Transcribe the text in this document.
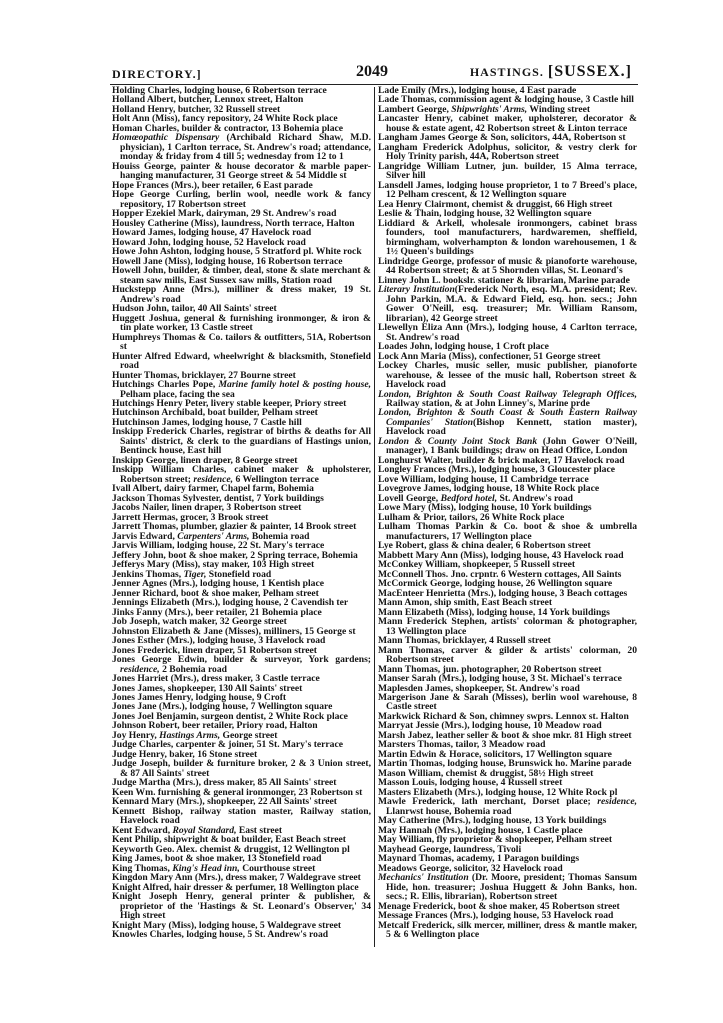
DIRECTORY.]	2049	HASTINGS. [SUSSEX.]
Holding Charles, lodging house, 6 Robertson terrace
Holland Albert, butcher, Lennox street, Halton
Holland Henry, butcher, 32 Russell street
Holt Ann (Miss), fancy repository, 24 White Rock place
Homan Charles, builder & contractor, 13 Bohemia place
Homœopathic Dispensary (Archibald Richard Shaw, M.D. physician), 1 Carlton terrace, St. Andrew's road; attendance, monday & friday from 4 till 5; wednesday from 12 to 1
Houiss George, painter & house decorator & marble paper-hanging manufacturer, 31 George street & 54 Middle st
Hope Frances (Mrs.), beer retailer, 6 East parade
Hope George Curling, berlin wool, needle work & fancy repository, 17 Robertson street
Hopper Ezekiel Mark, dairyman, 29 St. Andrew's road
Housley Catherine (Miss), laundress, North terrace, Halton
Howard James, lodging house, 47 Havelock road
Howard John, lodging house, 52 Havelock road
Howe John Ashton, lodging house, 5 Stratford pl. White rock
Howell Jane (Miss), lodging house, 16 Robertson terrace
Howell John, builder, & timber, deal, stone & slate merchant & steam saw mills, East Sussex saw mills, Station road
Huckstepp Anne (Mrs.), milliner & dress maker, 19 St. Andrew's road
Hudson John, tailor, 40 All Saints' street
Huggett Joshua, general & furnishing ironmonger, & iron & tin plate worker, 13 Castle street
Humphreys Thomas & Co. tailors & outfitters, 51A, Robertson st
Hunter Alfred Edward, wheelwright & blacksmith, Stonefield road
Hunter Thomas, bricklayer, 27 Bourne street
Hutchings Charles Pope, Marine family hotel & posting house, Pelham place, facing the sea
Hutchings Henry Peter, livery stable keeper, Priory street
Hutchinson Archibald, boat builder, Pelham street
Hutchinson James, lodging house, 7 Castle hill
Inskipp Frederick Charles, registrar of births & deaths for All Saints' district, & clerk to the guardians of Hastings union, Bentinck house, East hill
Inskipp George, linen draper, 8 George street
Inskipp William Charles, cabinet maker & upholsterer, Robertson street; residence, 6 Wellington terrace
Ivall Albert, dairy farmer, Chapel farm, Bohemia
Jackson Thomas Sylvester, dentist, 7 York buildings
Jacobs Nailer, linen draper, 3 Robertson street
Jarrett Hermas, grocer, 3 Brook street
Jarrett Thomas, plumber, glazier & painter, 14 Brook street
Jarvis Edward, Carpenters' Arms, Bohemia road
Jarvis William, lodging house, 22 St. Mary's terrace
Jeffery John, boot & shoe maker, 2 Spring terrace, Bohemia
Jefferys Mary (Miss), stay maker, 103 High street
Jenkins Thomas, Tiger, Stonefield road
Jenner Agnes (Mrs.), lodging house, 1 Kentish place
Jenner Richard, boot & shoe maker, Pelham street
Jennings Elizabeth (Mrs.), lodging house, 2 Cavendish ter
Jinks Fanny (Mrs.), beer retailer, 21 Bohemia place
Job Joseph, watch maker, 32 George street
Johnston Elizabeth & Jane (Misses), milliners, 15 George st
Jones Esther (Mrs.), lodging house, 3 Havelock road
Jones Frederick, linen draper, 51 Robertson street
Jones George Edwin, builder & surveyor, York gardens; residence, 2 Bohemia road
Jones Harriet (Mrs.), dress maker, 3 Castle terrace
Jones James, shopkeeper, 130 All Saints' street
Jones James Henry, lodging house, 9 Croft
Jones Jane (Mrs.), lodging house, 7 Wellington square
Jones Joel Benjamin, surgeon dentist, 2 White Rock place
Johnson Robert, beer retailer, Priory road, Halton
Joy Henry, Hastings Arms, George street
Judge Charles, carpenter & joiner, 51 St. Mary's terrace
Judge Henry, baker, 16 Stone street
Judge Joseph, builder & furniture broker, 2 & 3 Union street, & 87 All Saints' street
Judge Martha (Mrs.), dress maker, 85 All Saints' street
Keen Wm. furnishing & general ironmonger, 23 Robertson st
Kennard Mary (Mrs.), shopkeeper, 22 All Saints' street
Kennett Bishop, railway station master, Railway station, Havelock road
Kent Edward, Royal Standard, East street
Kent Philip, shipwright & boat builder, East Beach street
Keyworth Geo. Alex. chemist & druggist, 12 Wellington pl
King James, boot & shoe maker, 13 Stonefield road
King Thomas, King's Head inn, Courthouse street
Kingdon Mary Ann (Mrs.), dress maker, 7 Waldegrave street
Knight Alfred, hair dresser & perfumer, 18 Wellington place
Knight Joseph Henry, general printer & publisher, & proprietor of the 'Hastings & St. Leonard's Observer,' 34 High street
Knight Mary (Miss), lodging house, 5 Waldegrave street
Knowles Charles, lodging house, 5 St. Andrew's road
Lade Emily (Mrs.), lodging house, 4 East parade
Lade Thomas, commission agent & lodging house, 3 Castle hill
Lambert George, Shipwrights' Arms, Winding street
Lancaster Henry, cabinet maker, upholsterer, decorator & house & estate agent, 42 Robertson street & Linton terrace
Langham James George & Son, solicitors, 44A, Robertson st
Langham Frederick Adolphus, solicitor, & vestry clerk for Holy Trinity parish, 44A, Robertson street
Langridge William Lutner, jun. builder, 15 Alma terrace, Silver hill
Lansdell James, lodging house proprietor, 1 to 7 Breed's place, 12 Pelham crescent, & 12 Wellington square
Lea Henry Clairmont, chemist & druggist, 66 High street
Leslie & Thain, lodging house, 32 Wellington square
Liddiard & Arkell, wholesale ironmongers, cabinet brass founders, tool manufacturers, hardwaremen, sheffield, birmingham, wolverhampton & london warehousemen, 1 & 1½ Queen's buildings
Lindridge George, professor of music & pianoforte warehouse, 44 Robertson street; & at 5 Shornden villas, St. Leonard's
Linney John L. bookslr. stationer & librarian, Marine parade
Literary Institution(Frederick North, esq. M.A. president; Rev. John Parkin, M.A. & Edward Field, esq. hon. secs.; John Gower O'Neill, esq. treasurer; Mr. William Ransom, librarian), 42 George street
Llewellyn Eliza Ann (Mrs.), lodging house, 4 Carlton terrace, St. Andrew's road
Loades John, lodging house, 1 Croft place
Lock Ann Maria (Miss), confectioner, 51 George street
Lockey Charles, music seller, music publisher, pianoforte warehouse, & lessee of the music hall, Robertson street & Havelock road
London, Brighton & South Coast Railway Telegraph Offices, Railway station, & at John Linney's, Marine prde
London, Brighton & South Coast & South Eastern Railway Companies' Station(Bishop Kennett, station master), Havelock road
London & County Joint Stock Bank (John Gower O'Neill, manager), 1 Bank buildings; draw on Head Office, London
Longhurst Walter, builder & brick maker, 17 Havelock road
Longley Frances (Mrs.), lodging house, 3 Gloucester place
Love William, lodging house, 11 Cambridge terrace
Lovegrove James, lodging house, 18 White Rock place
Lovell George, Bedford hotel, St. Andrew's road
Lowe Mary (Miss), lodging house, 10 York buildings
Lulham & Prior, tailors, 26 White Rock place
Lulham Thomas Parkin & Co. boot & shoe & umbrella manufacturers, 17 Wellington place
Lye Robert, glass & china dealer, 6 Robertson street
Mabbett Mary Ann (Miss), lodging house, 43 Havelock road
McConkey William, shopkeeper, 5 Russell street
McConnell Thos. Jno. crpntr. 6 Western cottages, All Saints
McCormick George, lodging house, 26 Wellington square
MacEnteer Henrietta (Mrs.), lodging house, 3 Beach cottages
Mann Amon, ship smith, East Beach street
Mann Elizabeth (Miss), lodging house, 14 York buildings
Mann Frederick Stephen, artists' colorman & photographer, 13 Wellington place
Mann Thomas, bricklayer, 4 Russell street
Mann Thomas, carver & gilder & artists' colorman, 20 Robertson street
Mann Thomas, jun. photographer, 20 Robertson street
Manser Sarah (Mrs.), lodging house, 3 St. Michael's terrace
Maplesden James, shopkeeper, St. Andrew's road
Margerison Jane & Sarah (Misses), berlin wool warehouse, 8 Castle street
Markwick Richard & Son, chimney swprs. Lennox st. Halton
Marryat Jessie (Mrs.), lodging house, 10 Meadow road
Marsh Jabez, leather seller & boot & shoe mkr. 81 High street
Marsters Thomas, tailor, 3 Meadow road
Martin Edwin & Horace, solicitors, 17 Wellington square
Martin Thomas, lodging house, Brunswick ho. Marine parade
Mason William, chemist & druggist, 58½ High street
Masson Louis, lodging house, 4 Russell street
Masters Elizabeth (Mrs.), lodging house, 12 White Rock pl
Mawle Frederick, lath merchant, Dorset place; residence, Llanrwst house, Bohemia road
May Catherine (Mrs.), lodging house, 13 York buildings
May Hannah (Mrs.), lodging house, 1 Castle place
May William, fly proprietor & shopkeeper, Pelham street
Mayhead George, laundress, Tivoli
Maynard Thomas, academy, 1 Paragon buildings
Meadows George, solicitor, 32 Havelock road
Mechanics' Institution (Dr. Moore, president; Thomas Sansum Hide, hon. treasurer; Joshua Huggett & John Banks, hon. secs.; R. Ellis, librarian), Robertson street
Menage Frederick, boot & shoe maker, 45 Robertson street
Message Frances (Mrs.), lodging house, 53 Havelock road
Metcalf Frederick, silk mercer, milliner, dress & mantle maker, 5 & 6 Wellington place
